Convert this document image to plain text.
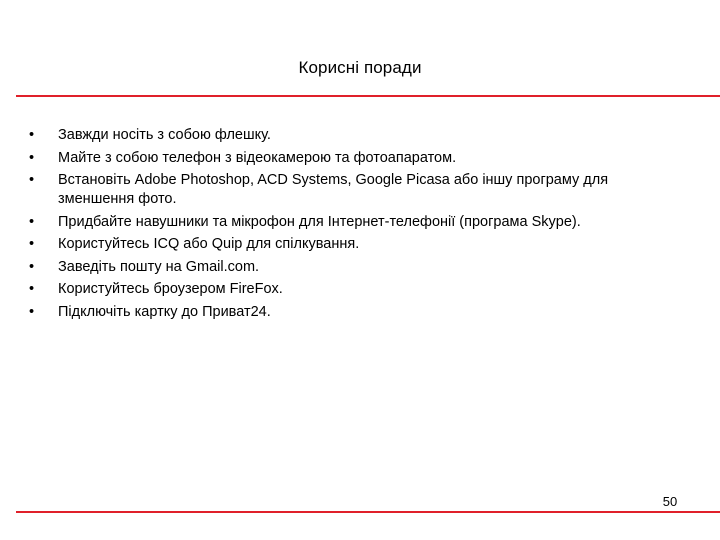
Корисні поради
•	Завжди носіть з собою флешку.
•	Майте з собою телефон з відеокамерою та фотоапаратом.
•	Встановіть Adobe Photoshop, ACD Systems, Google Picasa або іншу програму для зменшення фото.
•	Придбайте навушники та мікрофон для Інтернет-телефонії (програма Skype).
•	Користуйтесь ICQ або Quip для спілкування.
•	Заведіть пошту на Gmail.com.
•	Користуйтесь броузером FireFox.
•	Підключіть картку до Приват24.
50
